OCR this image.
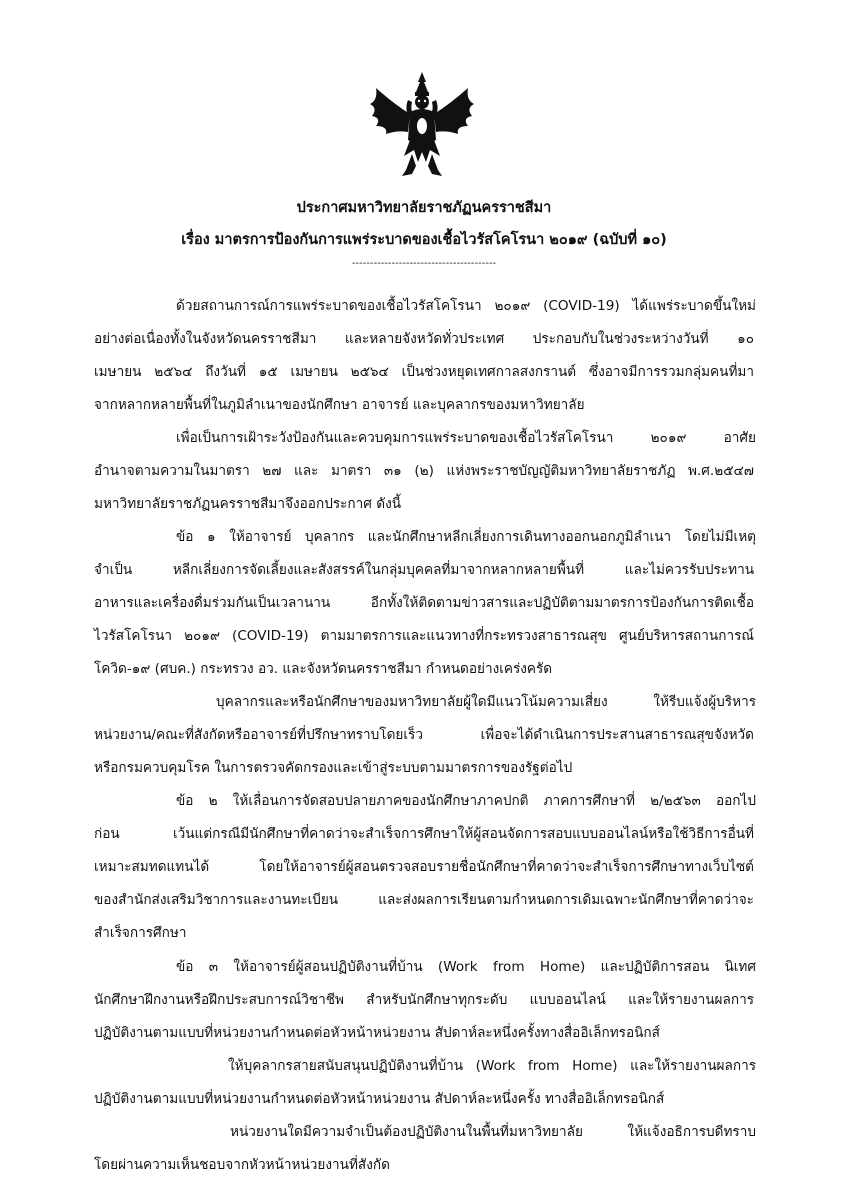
ประกาศมหาวิทยาลัยราชภัฏนครราชสีมา
เรื่อง มาตรการป้องกันการแพร่ระบาดของเชื้อไวรัสโคโรนา ๒๐๑๙ (ฉบับที่ ๑๐)
----------------------------------------
ด้วยสถานการณ์การแพร่ระบาดของเชื้อไวรัสโคโรนา ๒๐๑๙ (COVID-19) ได้แพร่ระบาดขึ้นใหม่
อย่างต่อเนื่องทั้งในจังหวัดนครราชสีมา และหลายจังหวัดทั่วประเทศ ประกอบกับในช่วงระหว่างวันที่ ๑๐
เมษายน ๒๕๖๔ ถึงวันที่ ๑๕ เมษายน ๒๕๖๔ เป็นช่วงหยุดเทศกาลสงกรานต์ ซึ่งอาจมีการรวมกลุ่มคนที่มา
จากหลากหลายพื้นที่ในภูมิลำเนาของนักศึกษา อาจารย์ และบุคลากรของมหาวิทยาลัย
เพื่อเป็นการเฝ้าระวังป้องกันและควบคุมการแพร่ระบาดของเชื้อไวรัสโคโรนา ๒๐๑๙ อาศัย
อำนาจตามความในมาตรา ๒๗ และ มาตรา ๓๑ (๒) แห่งพระราชบัญญัติมหาวิทยาลัยราชภัฏ พ.ศ.๒๕๔๗
มหาวิทยาลัยราชภัฏนครราชสีมาจึงออกประกาศ ดังนี้
ข้อ ๑ ให้อาจารย์ บุคลากร และนักศึกษาหลีกเลี่ยงการเดินทางออกนอกภูมิลำเนา โดยไม่มีเหตุ
จำเป็น หลีกเลี่ยงการจัดเลี้ยงและสังสรรค์ในกลุ่มบุคคลที่มาจากหลากหลายพื้นที่ และไม่ควรรับประทาน
อาหารและเครื่องดื่มร่วมกันเป็นเวลานาน อีกทั้งให้ติดตามข่าวสารและปฏิบัติตามมาตรการป้องกันการติดเชื้อ
ไวรัสโคโรนา ๒๐๑๙ (COVID-19) ตามมาตรการและแนวทางที่กระทรวงสาธารณสุข ศูนย์บริหารสถานการณ์
โควิด-๑๙ (ศบค.) กระทรวง อว. และจังหวัดนครราชสีมา กำหนดอย่างเคร่งครัด
บุคลากรและหรือนักศึกษาของมหาวิทยาลัยผู้ใดมีแนวโน้มความเสี่ยง ให้รีบแจ้งผู้บริหาร
หน่วยงาน/คณะที่สังกัดหรืออาจารย์ที่ปรึกษาทราบโดยเร็ว เพื่อจะได้ดำเนินการประสานสาธารณสุขจังหวัด
หรือกรมควบคุมโรค ในการตรวจคัดกรองและเข้าสู่ระบบตามมาตรการของรัฐต่อไป
ข้อ ๒ ให้เลื่อนการจัดสอบปลายภาคของนักศึกษาภาคปกติ ภาคการศึกษาที่ ๒/๒๕๖๓ ออกไป
ก่อน เว้นแต่กรณีมีนักศึกษาที่คาดว่าจะสำเร็จการศึกษาให้ผู้สอนจัดการสอบแบบออนไลน์หรือใช้วิธีการอื่นที่
เหมาะสมทดแทนได้ โดยให้อาจารย์ผู้สอนตรวจสอบรายชื่อนักศึกษาที่คาดว่าจะสำเร็จการศึกษาทางเว็บไซต์
ของสำนักส่งเสริมวิชาการและงานทะเบียน และส่งผลการเรียนตามกำหนดการเดิมเฉพาะนักศึกษาที่คาดว่าจะ
สำเร็จการศึกษา
ข้อ ๓ ให้อาจารย์ผู้สอนปฏิบัติงานที่บ้าน (Work from Home) และปฏิบัติการสอน นิเทศ
นักศึกษาฝึกงานหรือฝึกประสบการณ์วิชาชีพ สำหรับนักศึกษาทุกระดับ แบบออนไลน์ และให้รายงานผลการ
ปฏิบัติงานตามแบบที่หน่วยงานกำหนดต่อหัวหน้าหน่วยงาน สัปดาห์ละหนึ่งครั้งทางสื่ออิเล็กทรอนิกส์
ให้บุคลากรสายสนับสนุนปฏิบัติงานที่บ้าน (Work from Home) และให้รายงานผลการ
ปฏิบัติงานตามแบบที่หน่วยงานกำหนดต่อหัวหน้าหน่วยงาน สัปดาห์ละหนึ่งครั้ง ทางสื่ออิเล็กทรอนิกส์
หน่วยงานใดมีความจำเป็นต้องปฏิบัติงานในพื้นที่มหาวิทยาลัย ให้แจ้งอธิการบดีทราบ
โดยผ่านความเห็นชอบจากหัวหน้าหน่วยงานที่สังกัด
